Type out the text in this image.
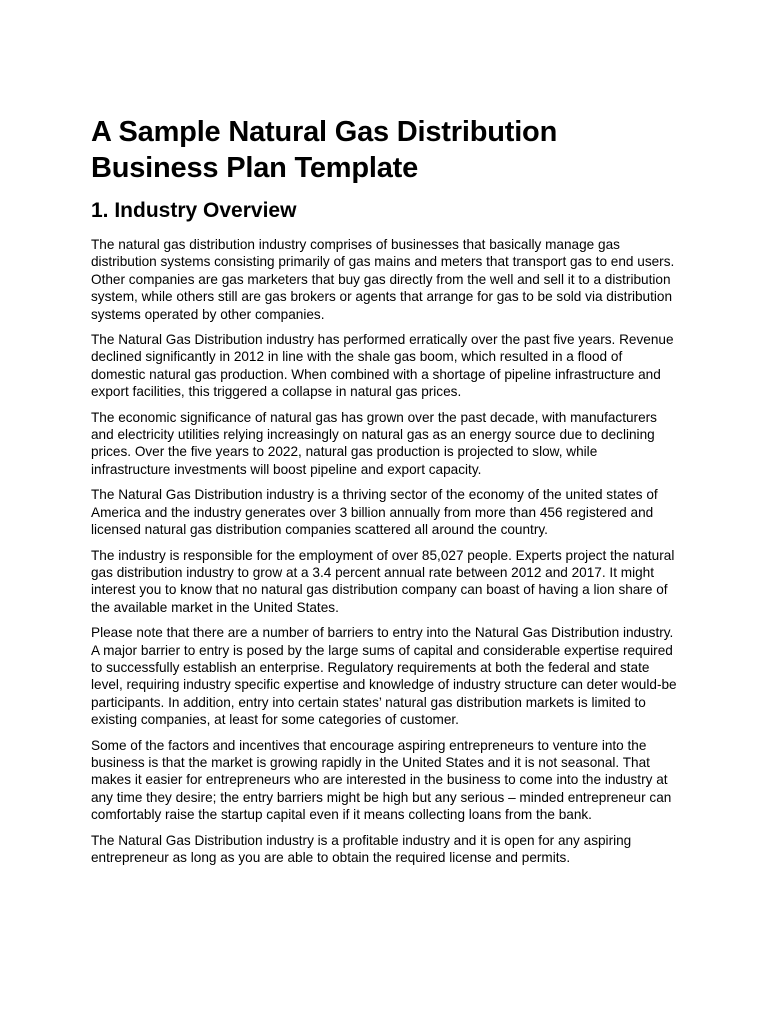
A Sample Natural Gas Distribution
Business Plan Template
1. Industry Overview

The natural gas distribution industry comprises of businesses that basically manage gas distribution systems consisting primarily of gas mains and meters that transport gas to end users. Other companies are gas marketers that buy gas directly from the well and sell it to a distribution system, while others still are gas brokers or agents that arrange for gas to be sold via distribution systems operated by other companies.

The Natural Gas Distribution industry has performed erratically over the past five years. Revenue declined significantly in 2012 in line with the shale gas boom, which resulted in a flood of domestic natural gas production. When combined with a shortage of pipeline infrastructure and export facilities, this triggered a collapse in natural gas prices.

The economic significance of natural gas has grown over the past decade, with manufacturers and electricity utilities relying increasingly on natural gas as an energy source due to declining prices. Over the five years to 2022, natural gas production is projected to slow, while infrastructure investments will boost pipeline and export capacity.

The Natural Gas Distribution industry is a thriving sector of the economy of the united states of America and the industry generates over 3 billion annually from more than 456 registered and licensed natural gas distribution companies scattered all around the country.

The industry is responsible for the employment of over 85,027 people. Experts project the natural gas distribution industry to grow at a 3.4 percent annual rate between 2012 and 2017. It might interest you to know that no natural gas distribution company can boast of having a lion share of the available market in the United States.

Please note that there are a number of barriers to entry into the Natural Gas Distribution industry. A major barrier to entry is posed by the large sums of capital and considerable expertise required to successfully establish an enterprise. Regulatory requirements at both the federal and state level, requiring industry specific expertise and knowledge of industry structure can deter would-be participants. In addition, entry into certain states’ natural gas distribution markets is limited to existing companies, at least for some categories of customer.

Some of the factors and incentives that encourage aspiring entrepreneurs to venture into the business is that the market is growing rapidly in the United States and it is not seasonal. That makes it easier for entrepreneurs who are interested in the business to come into the industry at any time they desire; the entry barriers might be high but any serious – minded entrepreneur can comfortably raise the startup capital even if it means collecting loans from the bank.

The Natural Gas Distribution industry is a profitable industry and it is open for any aspiring entrepreneur as long as you are able to obtain the required license and permits.
